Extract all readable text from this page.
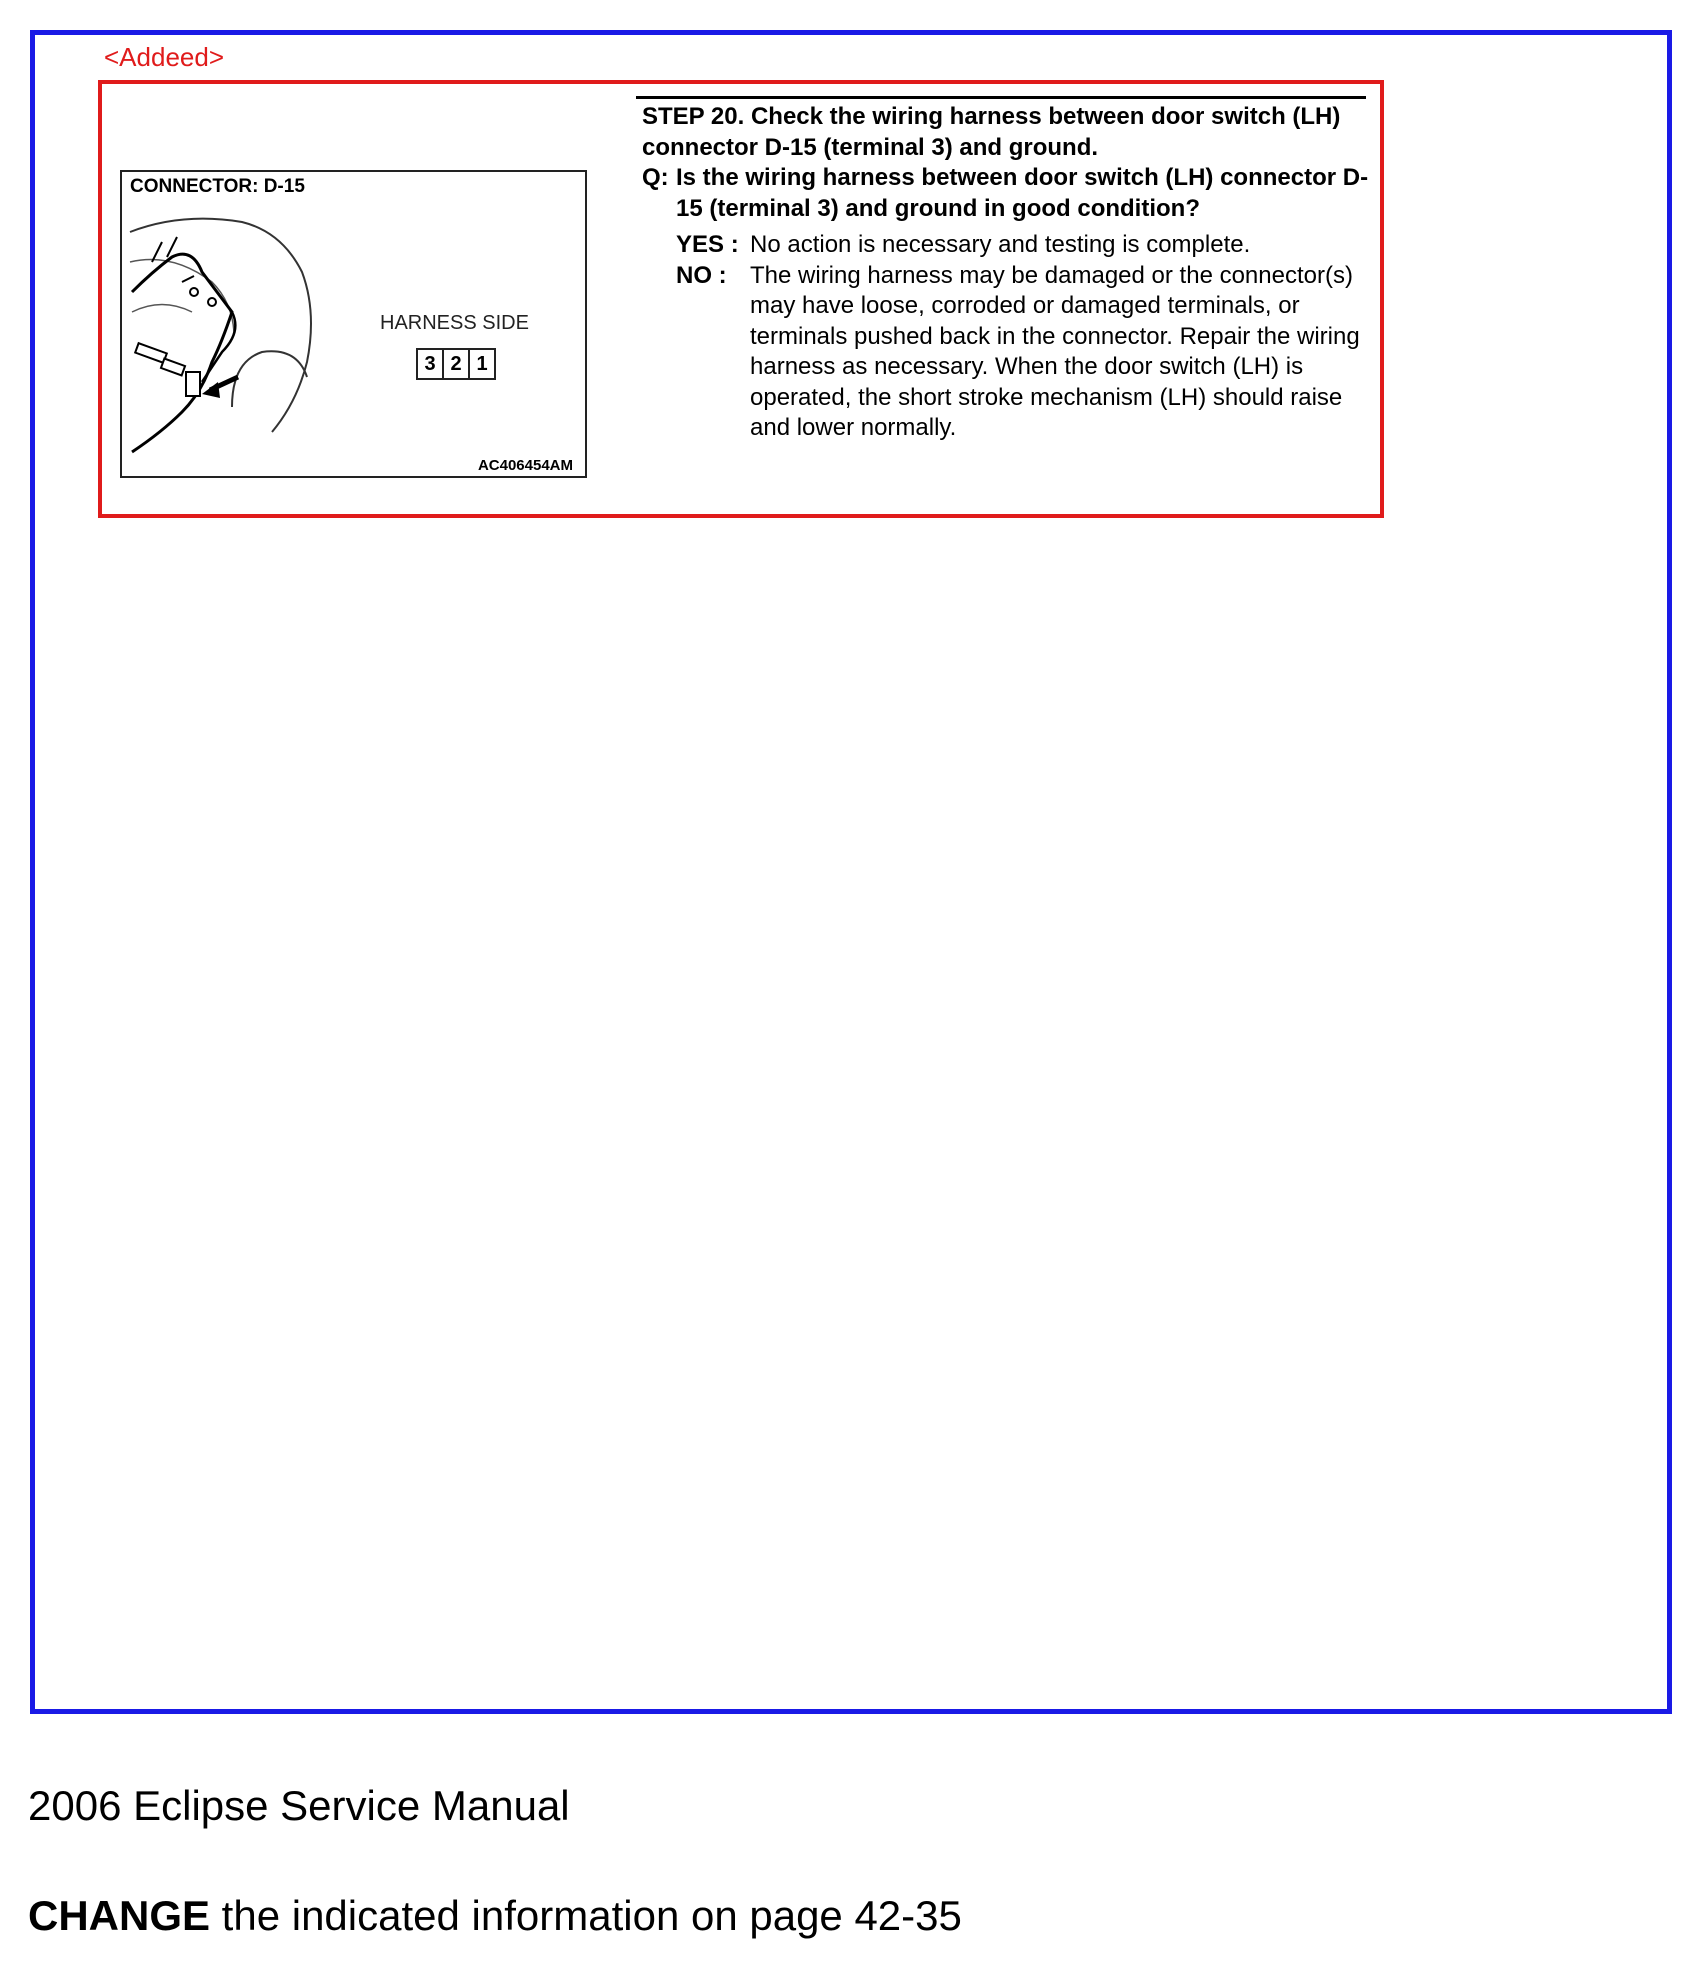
<Addeed>
CONNECTOR: D-15
HARNESS SIDE
3 2 1
AC406454AM

STEP 20. Check the wiring harness between door switch (LH) connector D-15 (terminal 3) and ground.

Q: Is the wiring harness between door switch (LH) connector D-15 (terminal 3) and ground in good condition?
YES : No action is necessary and testing is complete.
NO : The wiring harness may be damaged or the connector(s) may have loose, corroded or damaged terminals, or terminals pushed back in the connector. Repair the wiring harness as necessary. When the door switch (LH) is operated, the short stroke mechanism (LH) should raise and lower normally.
2006 Eclipse Service Manual
CHANGE the indicated information on page 42-35
